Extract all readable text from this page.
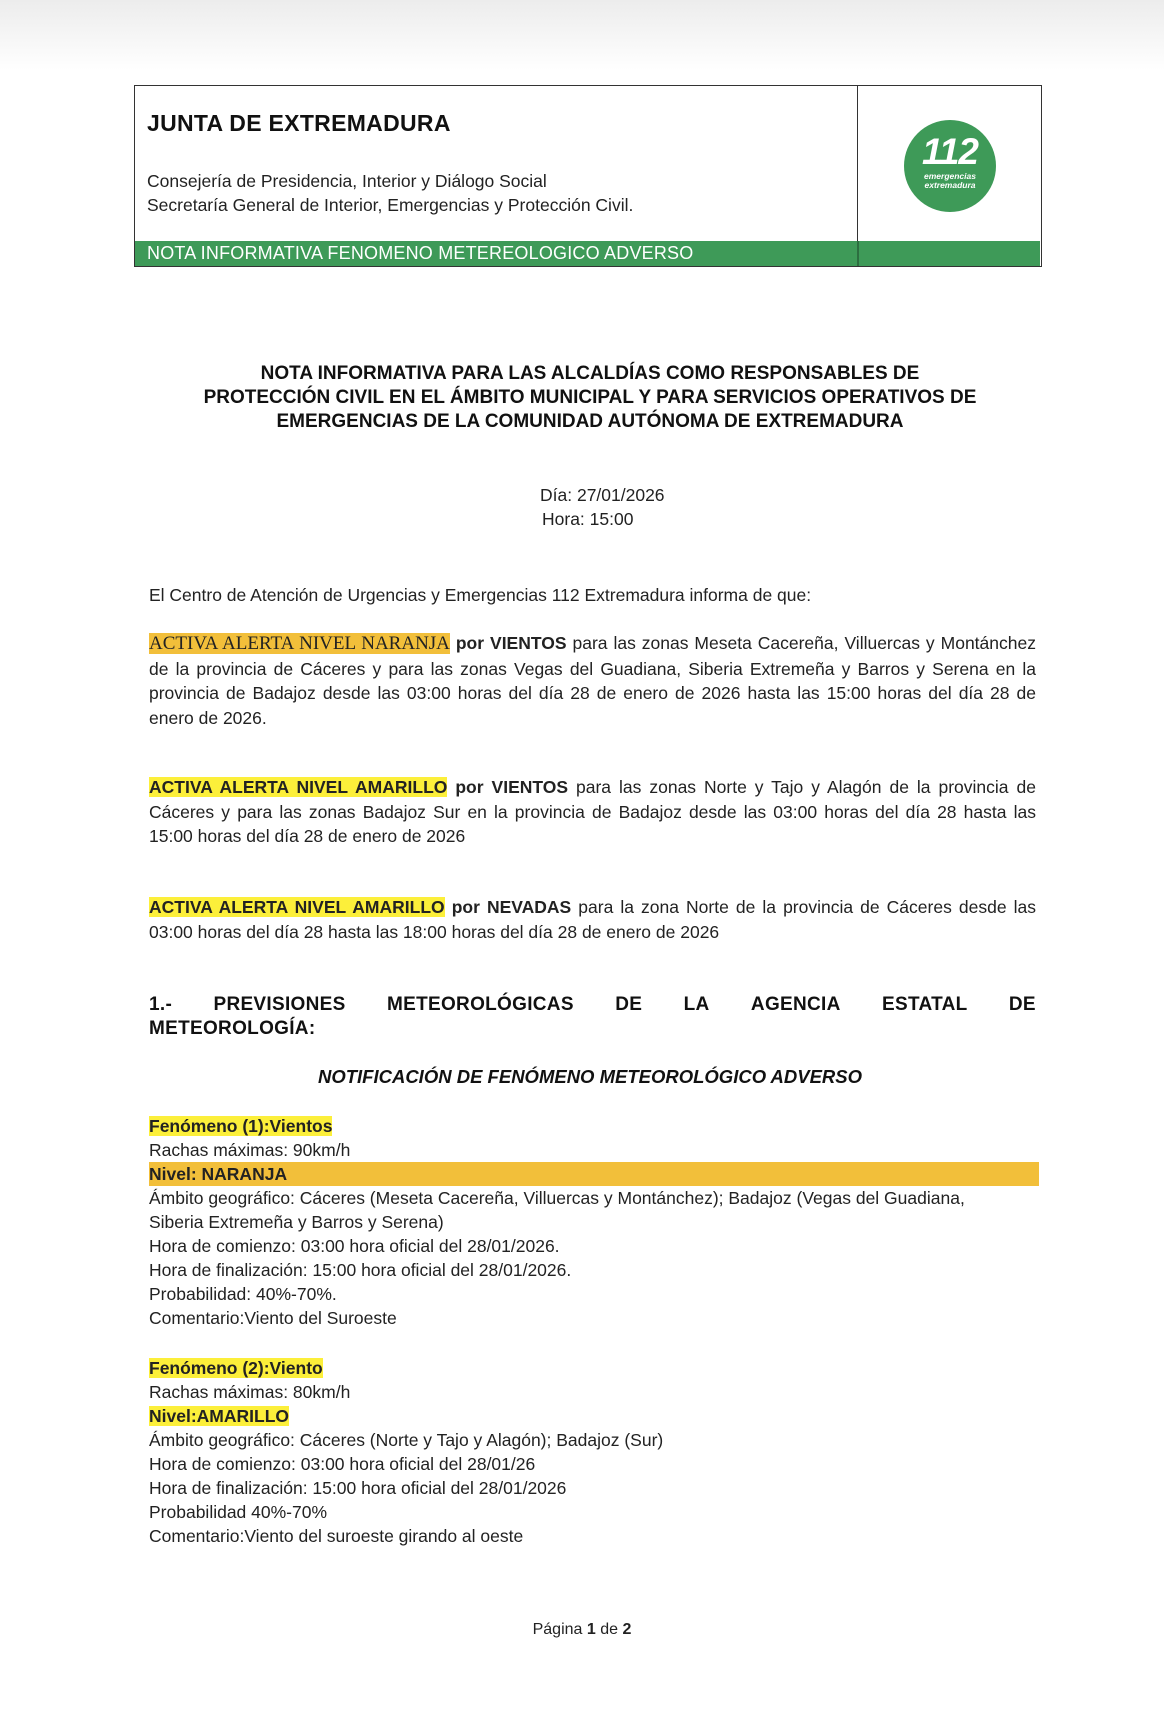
JUNTA DE EXTREMADURA
Consejería de Presidencia, Interior y Diálogo Social
Secretaría General de Interior, Emergencias y Protección Civil.
112
emergencias
extremadura
NOTA INFORMATIVA FENOMENO METEREOLOGICO ADVERSO
NOTA INFORMATIVA PARA LAS ALCALDÍAS COMO RESPONSABLES DE
PROTECCIÓN CIVIL EN EL ÁMBITO MUNICIPAL Y PARA SERVICIOS OPERATIVOS DE
EMERGENCIAS DE LA COMUNIDAD AUTÓNOMA DE EXTREMADURA
Día: 27/01/2026
Hora: 15:00
El Centro de Atención de Urgencias y Emergencias 112 Extremadura informa de que:
ACTIVA ALERTA NIVEL NARANJA por VIENTOS para las zonas Meseta Cacereña, Villuercas y Montánchez de la provincia de Cáceres y para las zonas Vegas del Guadiana, Siberia Extremeña y Barros y Serena en la provincia de Badajoz desde las 03:00 horas del día 28 de enero de 2026 hasta las 15:00 horas del día 28 de enero de 2026.
ACTIVA ALERTA NIVEL AMARILLO por VIENTOS para las zonas Norte y Tajo y Alagón de la provincia de Cáceres y para las zonas Badajoz Sur en la provincia de Badajoz desde las 03:00 horas del día 28 hasta las 15:00 horas del día 28 de enero de 2026
ACTIVA ALERTA NIVEL AMARILLO por NEVADAS para la zona Norte de la provincia de Cáceres desde las 03:00 horas del día 28 hasta las 18:00 horas del día 28 de enero de 2026
1.- PREVISIONES METEOROLÓGICAS DE LA AGENCIA ESTATAL DE
METEOROLOGÍA:
NOTIFICACIÓN DE FENÓMENO METEOROLÓGICO ADVERSO
Fenómeno (1):Vientos
Rachas máximas: 90km/h
Nivel: NARANJA
Ámbito geográfico: Cáceres (Meseta Cacereña, Villuercas y Montánchez); Badajoz (Vegas del Guadiana,
Siberia Extremeña y Barros y Serena)
Hora de comienzo: 03:00 hora oficial del 28/01/2026.
Hora de finalización: 15:00 hora oficial del 28/01/2026.
Probabilidad: 40%-70%.
Comentario:Viento del Suroeste
Fenómeno (2):Viento
Rachas máximas: 80km/h
Nivel:AMARILLO
Ámbito geográfico: Cáceres (Norte y Tajo y Alagón); Badajoz (Sur)
Hora de comienzo: 03:00 hora oficial del 28/01/26
Hora de finalización: 15:00 hora oficial del 28/01/2026
Probabilidad 40%-70%
Comentario:Viento del suroeste girando al oeste
Página 1 de 2
